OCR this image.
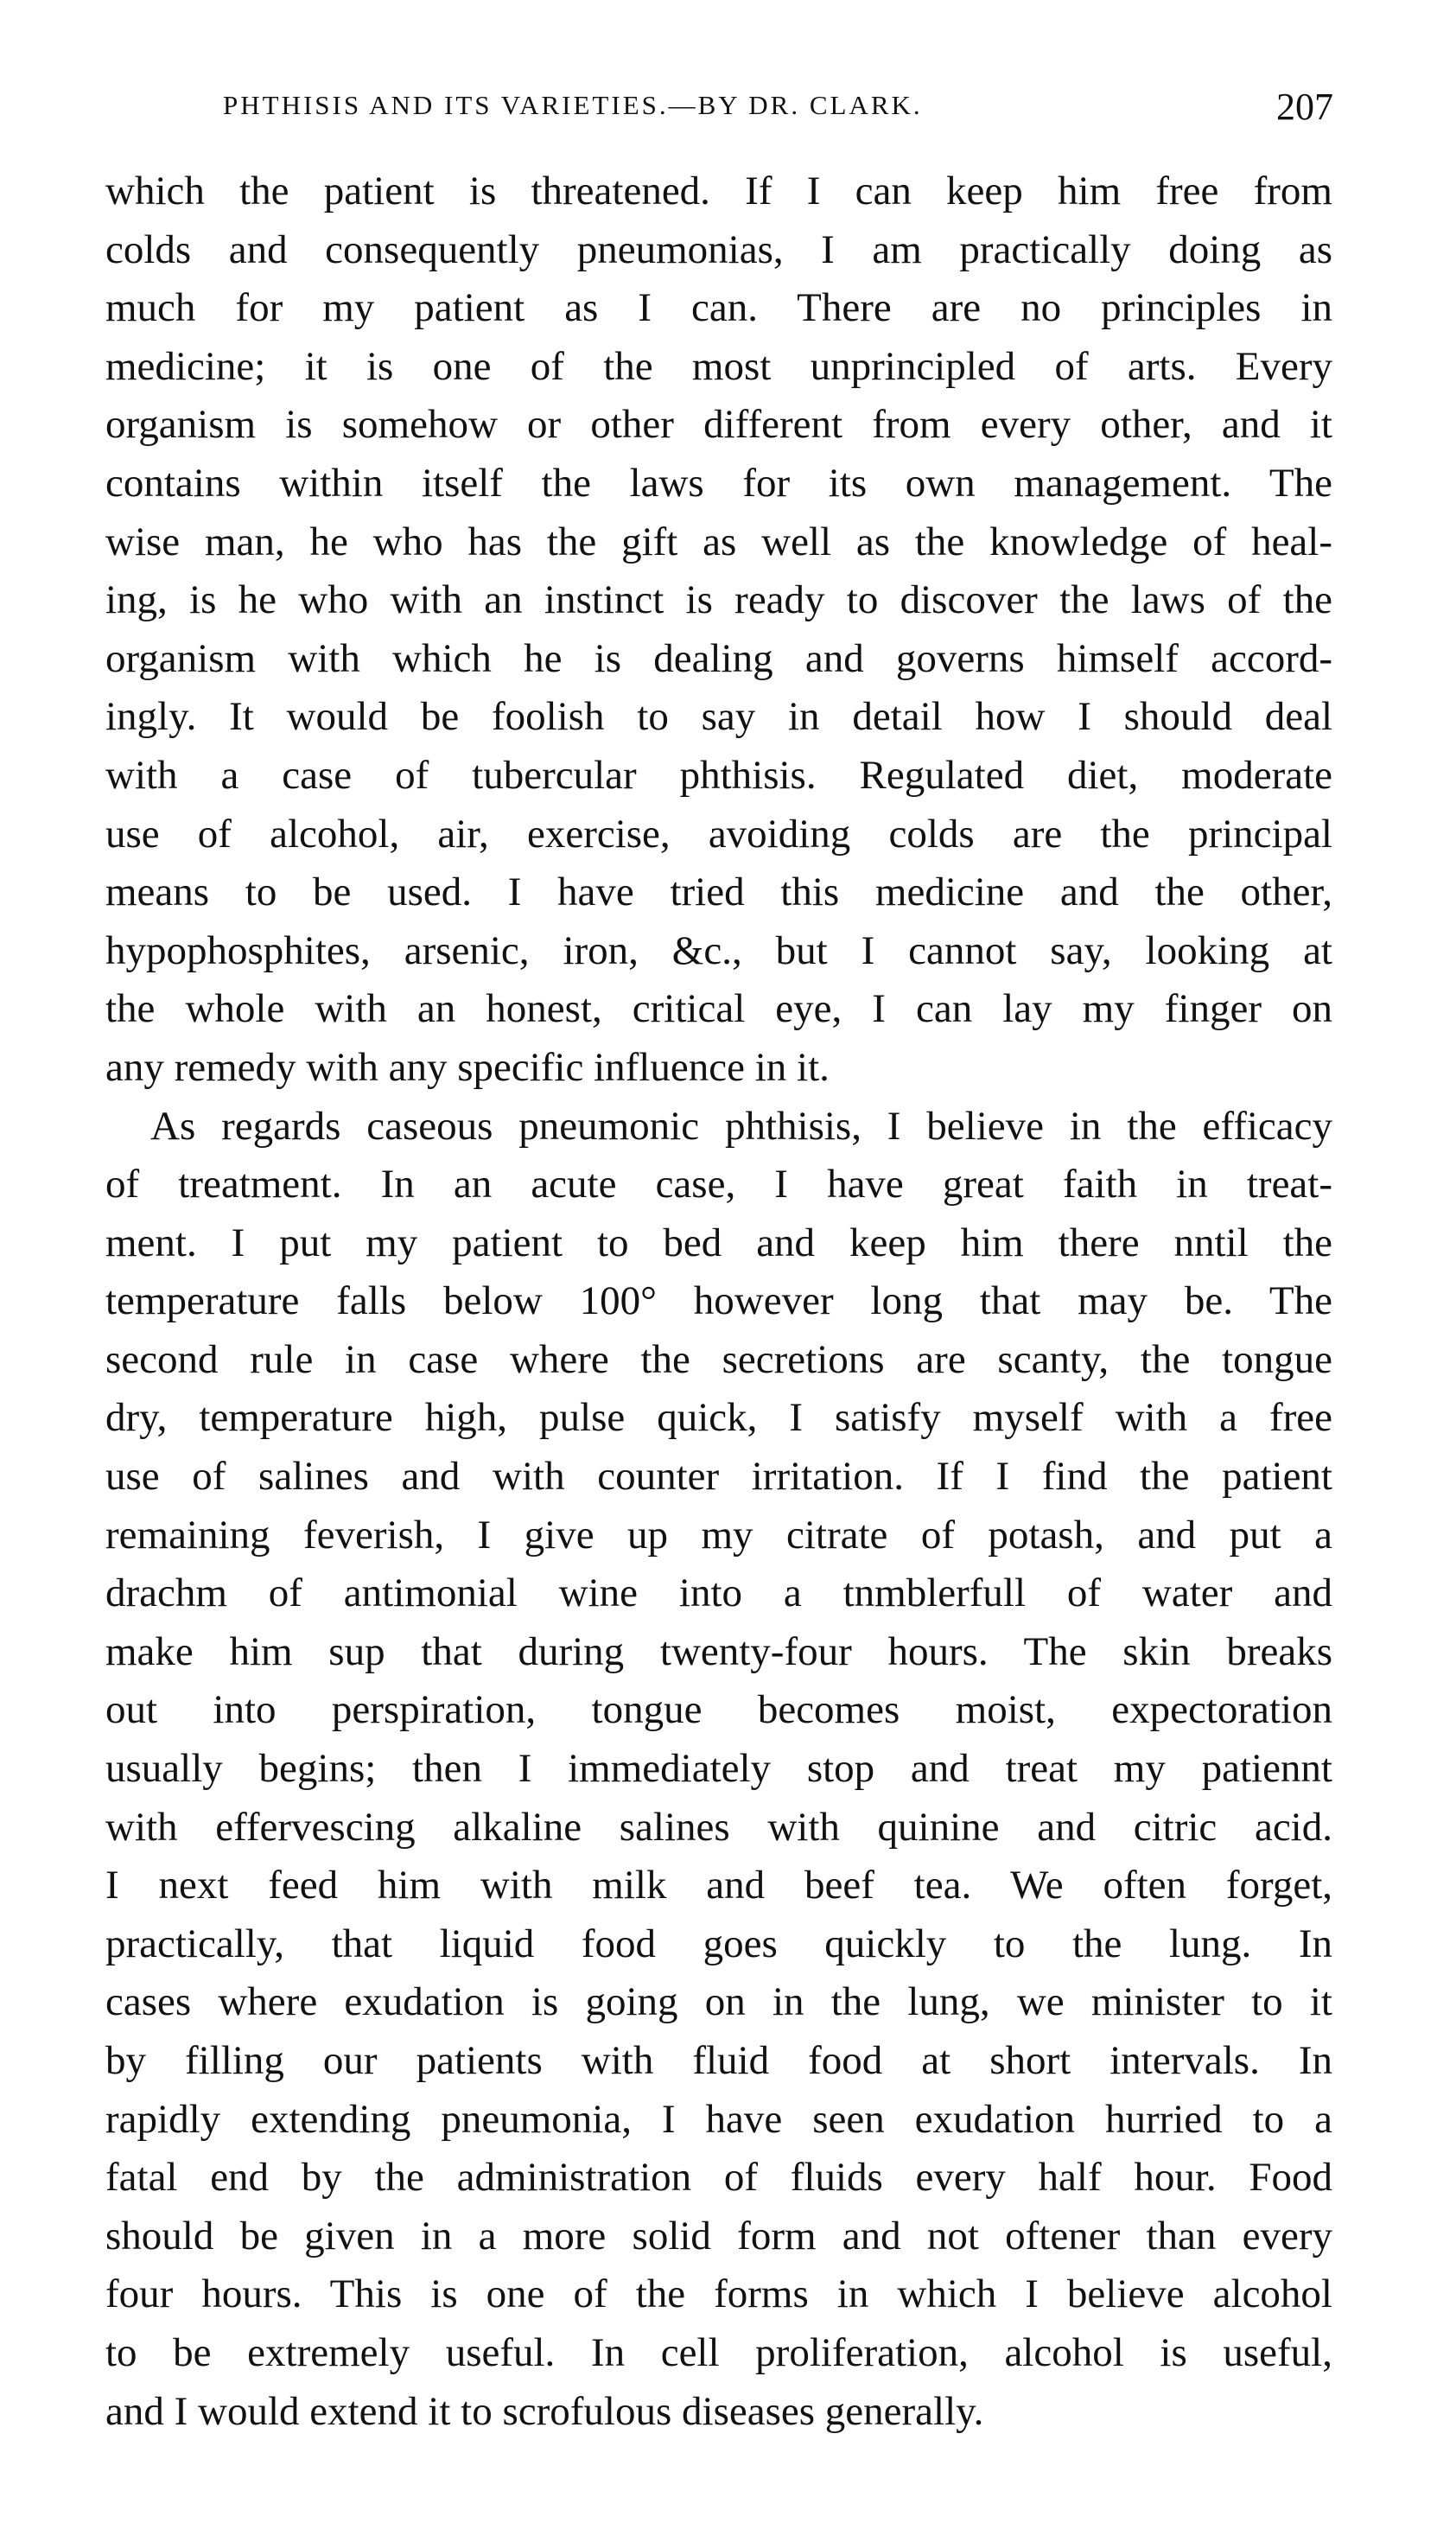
PHTHISIS AND ITS VARIETIES.—BY DR. CLARK.	207
which the patient is threatened. If I can keep him free from
colds and consequently pneumonias, I am practically doing as
much for my patient as I can. There are no principles in
medicine; it is one of the most unprincipled of arts. Every
organism is somehow or other different from every other, and it
contains within itself the laws for its own management. The
wise man, he who has the gift as well as the knowledge of heal-
ing, is he who with an instinct is ready to discover the laws of the
organism with which he is dealing and governs himself accord-
ingly. It would be foolish to say in detail how I should deal
with a case of tubercular phthisis. Regulated diet, moderate
use of alcohol, air, exercise, avoiding colds are the principal
means to be used. I have tried this medicine and the other,
hypophosphites, arsenic, iron, &c., but I cannot say, looking at
the whole with an honest, critical eye, I can lay my finger on
any remedy with any specific influence in it.
As regards caseous pneumonic phthisis, I believe in the efficacy
of treatment. In an acute case, I have great faith in treat-
ment. I put my patient to bed and keep him there nntil the
temperature falls below 100° however long that may be. The
second rule in case where the secretions are scanty, the tongue
dry, temperature high, pulse quick, I satisfy myself with a free
use of salines and with counter irritation. If I find the patient
remaining feverish, I give up my citrate of potash, and put a
drachm of antimonial wine into a tnmblerfull of water and
make him sup that during twenty-four hours. The skin breaks
out into perspiration, tongue becomes moist, expectoration
usually begins; then I immediately stop and treat my patiennt
with effervescing alkaline salines with quinine and citric acid.
I next feed him with milk and beef tea. We often forget,
practically, that liquid food goes quickly to the lung. In
cases where exudation is going on in the lung, we minister to it
by filling our patients with fluid food at short intervals. In
rapidly extending pneumonia, I have seen exudation hurried to a
fatal end by the administration of fluids every half hour. Food
should be given in a more solid form and not oftener than every
four hours. This is one of the forms in which I believe alcohol
to be extremely useful. In cell proliferation, alcohol is useful,
and I would extend it to scrofulous diseases generally.
